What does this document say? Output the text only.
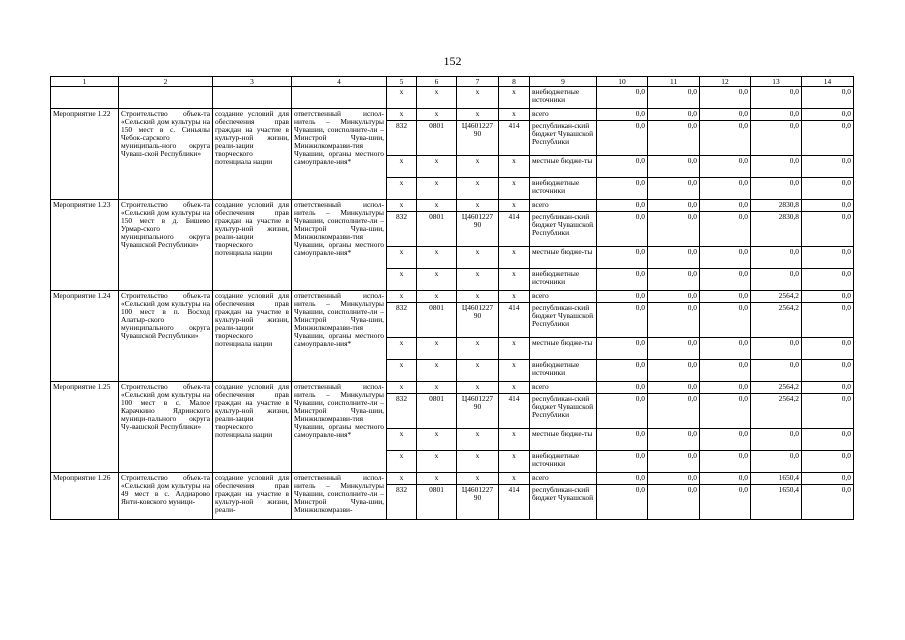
152
1	2	3	4	5	6	7	8	9	10	11	12	13	14
				х	х	х	х	внебюджетные источники	0,0	0,0	0,0	0,0	0,0
Мероприятие 1.22	Строительство объек-та «Сельский дом культуры на 150 мест в с. Синьялы Чебок-сарского муниципаль-ного округа Чуваш-ской Республики»	создание условий для обеспечения прав граждан на участие в культур-ной жизни, реали-зации творческого потенциала нации	ответственный испол-нитель – Минкультуры Чувашии, соисполните-ли – Минстрой Чува-шии, Минжилкомразви-тия Чувашии, органы местного самоуправле-ния*	х	х	х	х	всего	0,0	0,0	0,0	0,0	0,0
				832	0801	Ц4601227 90	414	республикан-ский бюджет Чувашской Республики	0,0	0,0	0,0	0,0	0,0
				х	х	х	х	местные бюдже-ты	0,0	0,0	0,0	0,0	0,0
				х	х	х	х	внебюджетные источники	0,0	0,0	0,0	0,0	0,0
Мероприятие 1.23	Строительство объек-та «Сельский дом культуры на 150 мест в д. Бишево Урмар-ского муниципального округа Чувашской Республики»	создание условий для обеспечения прав граждан на участие в культур-ной жизни, реали-зации творческого потенциала нации	ответственный испол-нитель – Минкультуры Чувашии, соисполните-ли – Минстрой Чува-шии, Минжилкомразви-тия Чувашии, органы местного самоуправле-ния*	х	х	х	х	всего	0,0	0,0	0,0	2830,8	0,0
				832	0801	Ц4601227 90	414	республикан-ский бюджет Чувашской Республики	0,0	0,0	0,0	2830,8	0,0
				х	х	х	х	местные бюдже-ты	0,0	0,0	0,0	0,0	0,0
				х	х	х	х	внебюджетные источники	0,0	0,0	0,0	0,0	0,0
Мероприятие 1.24	Строительство объек-та «Сельский дом культуры на 100 мест в п. Восход Алатыр-ского муниципального округа Чувашской Республики»	создание условий для обеспечения прав граждан на участие в культур-ной жизни, реали-зации творческого потенциала нации	ответственный испол-нитель – Минкультуры Чувашии, соисполните-ли – Минстрой Чува-шии, Минжилкомразви-тия Чувашии, органы местного самоуправле-ния*	х	х	х	х	всего	0,0	0,0	0,0	2564,2	0,0
				832	0801	Ц4601227 90	414	республикан-ский бюджет Чувашской Республики	0,0	0,0	0,0	2564,2	0,0
				х	х	х	х	местные бюдже-ты	0,0	0,0	0,0	0,0	0,0
				х	х	х	х	внебюджетные источники	0,0	0,0	0,0	0,0	0,0
Мероприятие 1.25	Строительство объек-та «Сельский дом культуры на 100 мест в с. Малое Карачкино Ядринского муници-пального округа Чу-вашской Республики»	создание условий для обеспечения прав граждан на участие в культур-ной жизни, реали-зации творческого потенциала нации	ответственный испол-нитель – Минкультуры Чувашии, соисполните-ли – Минстрой Чува-шии, Минжилкомразви-тия Чувашии, органы местного самоуправле-ния*	х	х	х	х	всего	0,0	0,0	0,0	2564,2	0,0
				832	0801	Ц4601227 90	414	республикан-ский бюджет Чувашской Республики	0,0	0,0	0,0	2564,2	0,0
				х	х	х	х	местные бюдже-ты	0,0	0,0	0,0	0,0	0,0
				х	х	х	х	внебюджетные источники	0,0	0,0	0,0	0,0	0,0
Мероприятие 1.26	Строительство объек-та «Сельский дом культуры на 49 мест в с. Алдиарово Янти-ковского муници-	создание условий для обеспечения прав граждан на участие в культур-ной жизни, реали-	ответственный испол-нитель – Минкультуры Чувашии, соисполните-ли – Минстрой Чува-шии, Минжилкомразви-	х	х	х	х	всего	0,0	0,0	0,0	1650,4	0,0
				832	0801	Ц4601227 90	414	республикан-ский бюджет Чувашской	0,0	0,0	0,0	1650,4	0,0
